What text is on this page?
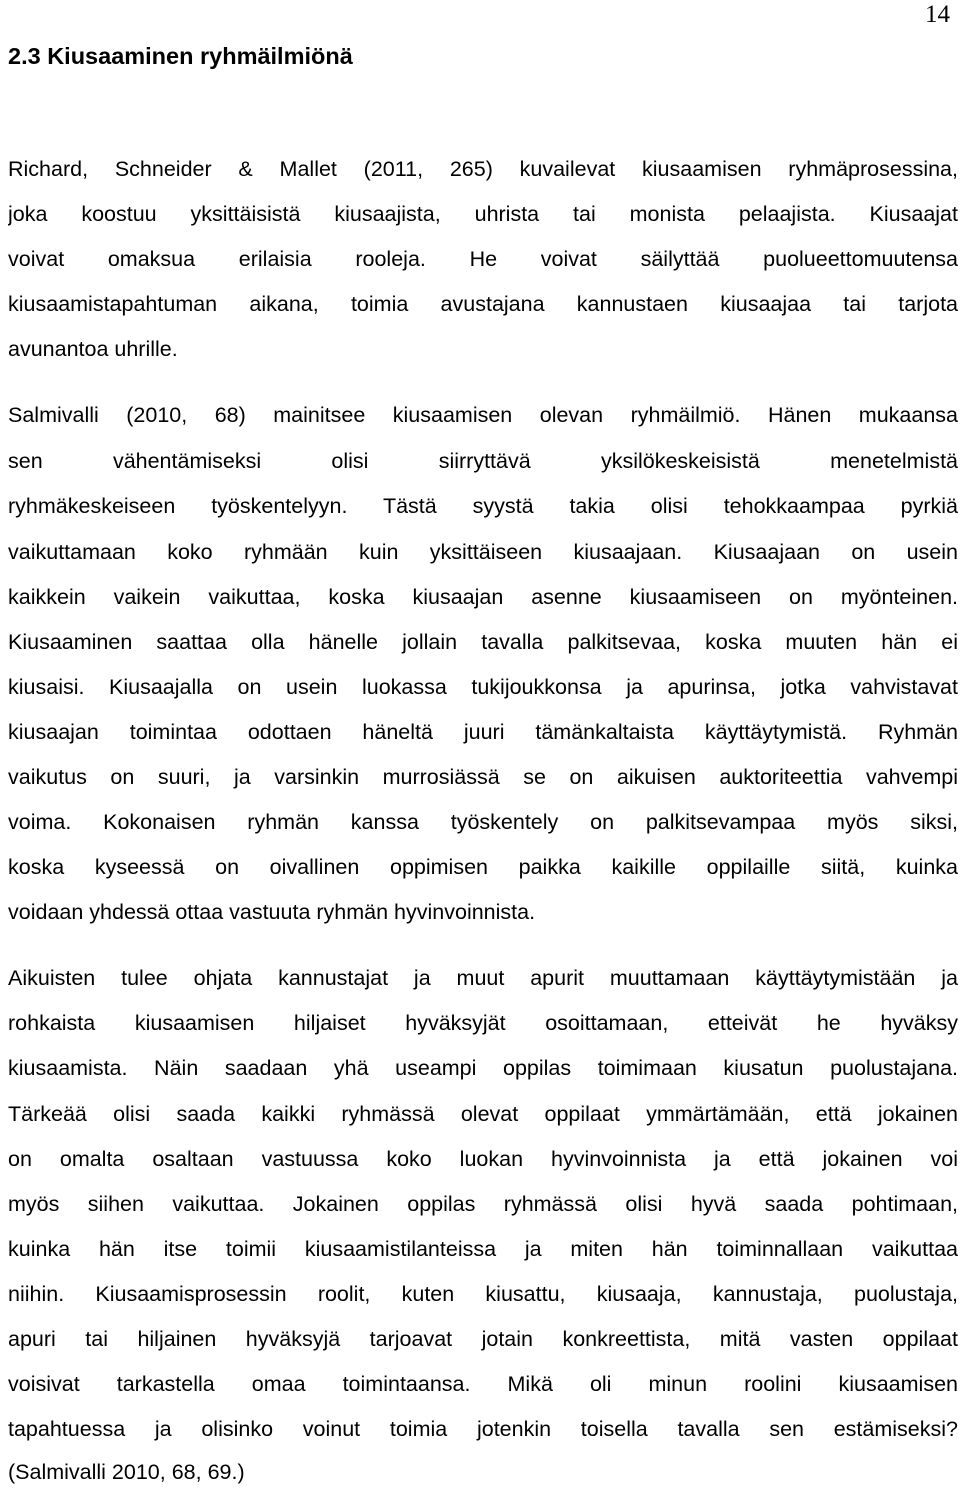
14
2.3 Kiusaaminen ryhmäilmiönä
Richard, Schneider & Mallet (2011, 265) kuvailevat kiusaamisen ryhmäprosessina,
joka koostuu yksittäisistä kiusaajista, uhrista tai monista pelaajista. Kiusaajat
voivat omaksua erilaisia rooleja. He voivat säilyttää puolueettomuutensa
kiusaamistapahtuman aikana, toimia avustajana kannustaen kiusaajaa tai tarjota
avunantoa uhrille.
Salmivalli (2010, 68) mainitsee kiusaamisen olevan ryhmäilmiö. Hänen mukaansa
sen vähentämiseksi olisi siirryttävä yksilökeskeisistä menetelmistä
ryhmäkeskeiseen työskentelyyn. Tästä syystä takia olisi tehokkaampaa pyrkiä
vaikuttamaan koko ryhmään kuin yksittäiseen kiusaajaan. Kiusaajaan on usein
kaikkein vaikein vaikuttaa, koska kiusaajan asenne kiusaamiseen on myönteinen.
Kiusaaminen saattaa olla hänelle jollain tavalla palkitsevaa, koska muuten hän ei
kiusaisi. Kiusaajalla on usein luokassa tukijoukkonsa ja apurinsa, jotka vahvistavat
kiusaajan toimintaa odottaen häneltä juuri tämänkaltaista käyttäytymistä. Ryhmän
vaikutus on suuri, ja varsinkin murrosiässä se on aikuisen auktoriteettia vahvempi
voima. Kokonaisen ryhmän kanssa työskentely on palkitsevampaa myös siksi,
koska kyseessä on oivallinen oppimisen paikka kaikille oppilaille siitä, kuinka
voidaan yhdessä ottaa vastuuta ryhmän hyvinvoinnista.
Aikuisten tulee ohjata kannustajat ja muut apurit muuttamaan käyttäytymistään ja
rohkaista kiusaamisen hiljaiset hyväksyjät osoittamaan, etteivät he hyväksy
kiusaamista. Näin saadaan yhä useampi oppilas toimimaan kiusatun puolustajana.
Tärkeää olisi saada kaikki ryhmässä olevat oppilaat ymmärtämään, että jokainen
on omalta osaltaan vastuussa koko luokan hyvinvoinnista ja että jokainen voi
myös siihen vaikuttaa. Jokainen oppilas ryhmässä olisi hyvä saada pohtimaan,
kuinka hän itse toimii kiusaamistilanteissa ja miten hän toiminnallaan vaikuttaa
niihin. Kiusaamisprosessin roolit, kuten kiusattu, kiusaaja, kannustaja, puolustaja,
apuri tai hiljainen hyväksyjä tarjoavat jotain konkreettista, mitä vasten oppilaat
voisivat tarkastella omaa toimintaansa. Mikä oli minun roolini kiusaamisen
tapahtuessa ja olisinko voinut toimia jotenkin toisella tavalla sen estämiseksi?
(Salmivalli 2010, 68, 69.)
